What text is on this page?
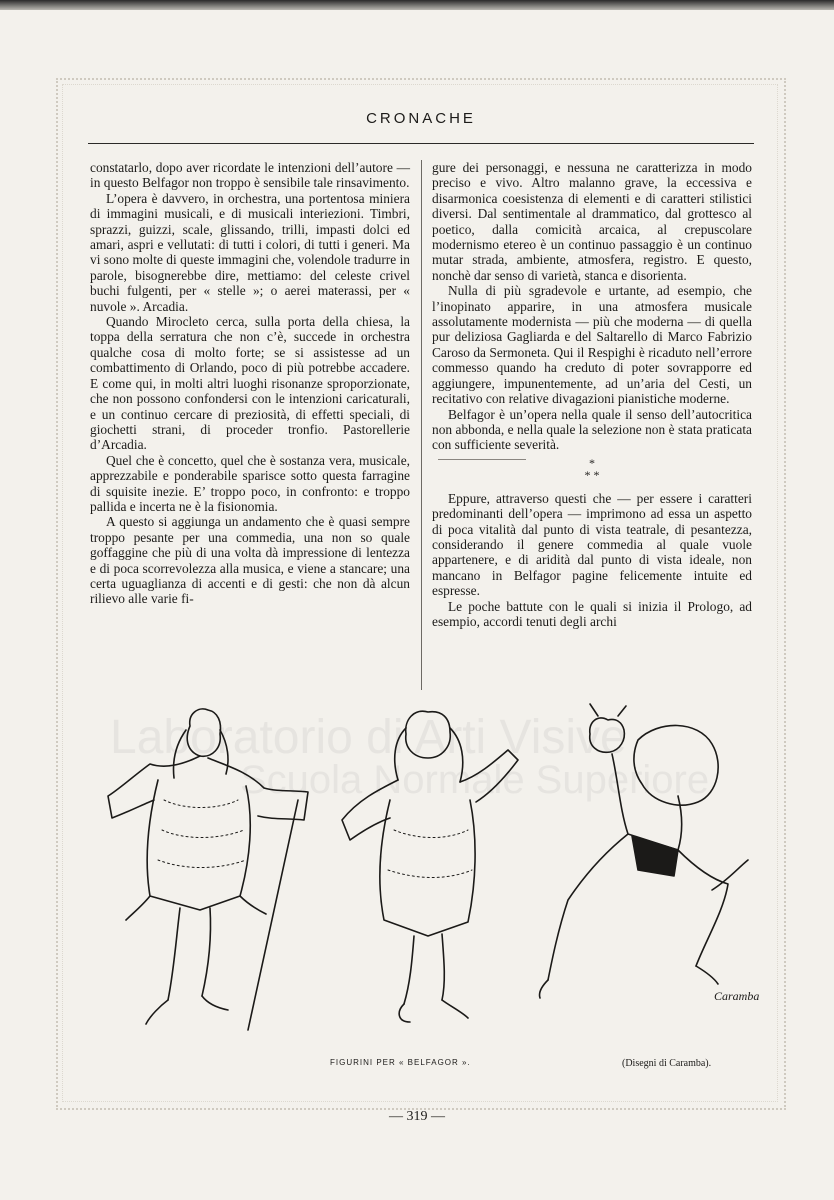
CRONACHE

constatarlo, dopo aver ricordate le intenzioni dell’autore — in questo Belfagor non troppo è sensibile tale rinsavimento.

L’opera è davvero, in orchestra, una portentosa miniera di immagini musicali, e di musicali interiezioni. Timbri, sprazzi, guizzi, scale, glissando, trilli, impasti dolci ed amari, aspri e vellutati: di tutti i colori, di tutti i generi. Ma vi sono molte di queste immagini che, volendole tradurre in parole, bisognerebbe dire, mettiamo: del celeste crivel buchi fulgenti, per « stelle »; o aerei materassi, per « nuvole ». Arcadia.

Quando Mirocleto cerca, sulla porta della chiesa, la toppa della serratura che non c’è, succede in orchestra qualche cosa di molto forte; se si assistesse ad un combattimento di Orlando, poco di più potrebbe accadere. E come qui, in molti altri luoghi risonanze sproporzionate, che non possono confondersi con le intenzioni caricaturali, e un continuo cercare di preziosità, di effetti speciali, di giochetti strani, di proceder tronfio. Pastorellerie d’Arcadia.

Quel che è concetto, quel che è sostanza vera, musicale, apprezzabile e ponderabile sparisce sotto questa farragine di squisite inezie. E’ troppo poco, in confronto: e troppo pallida e incerta ne è la fisionomia.

A questo si aggiunga un andamento che è quasi sempre troppo pesante per una commedia, una non so quale goffaggine che più di una volta dà impressione di lentezza e di poca scorrevolezza alla musica, e viene a stancare; una certa uguaglianza di accenti e di gesti: che non dà alcun rilievo alle varie fi-

gure dei personaggi, e nessuna ne caratterizza in modo preciso e vivo. Altro malanno grave, la eccessiva e disarmonica coesistenza di elementi e di caratteri stilistici diversi. Dal sentimentale al drammatico, dal grottesco al poetico, dalla comicità arcaica, al crepuscolare modernismo etereo è un continuo passaggio è un continuo mutar strada, ambiente, atmosfera, registro. E questo, nonchè dar senso di varietà, stanca e disorienta.

Nulla di più sgradevole e urtante, ad esempio, che l’inopinato apparire, in una atmosfera musicale assolutamente modernista — più che moderna — di quella pur deliziosa Gagliarda e del Saltarello di Marco Fabrizio Caroso da Sermoneta. Qui il Respighi è ricaduto nell’errore commesso quando ha creduto di poter sovrapporre ed aggiungere, impunentemente, ad un’aria del Cesti, un recitativo con relative divagazioni pianistiche moderne.

Belfagor è un’opera nella quale il senso dell’autocritica non abbonda, e nella quale la selezione non è stata praticata con sufficiente severità.

*
* *

Eppure, attraverso questi che — per essere i caratteri predominanti dell’opera — imprimono ad essa un aspetto di poca vitalità dal punto di vista teatrale, di pesantezza, considerando il genere commedia al quale vuole appartenere, e di aridità dal punto di vista ideale, non mancano in Belfagor pagine felicemente intuite ed espresse.

Le poche battute con le quali si inizia il Prologo, ad esempio, accordi tenuti degli archi

Laboratorio di Arti Visive
Scuola Normale Superiore
Caramba
FIGURINI PER « BELFAGOR ».	(Disegni di Caramba).
— 319 —
